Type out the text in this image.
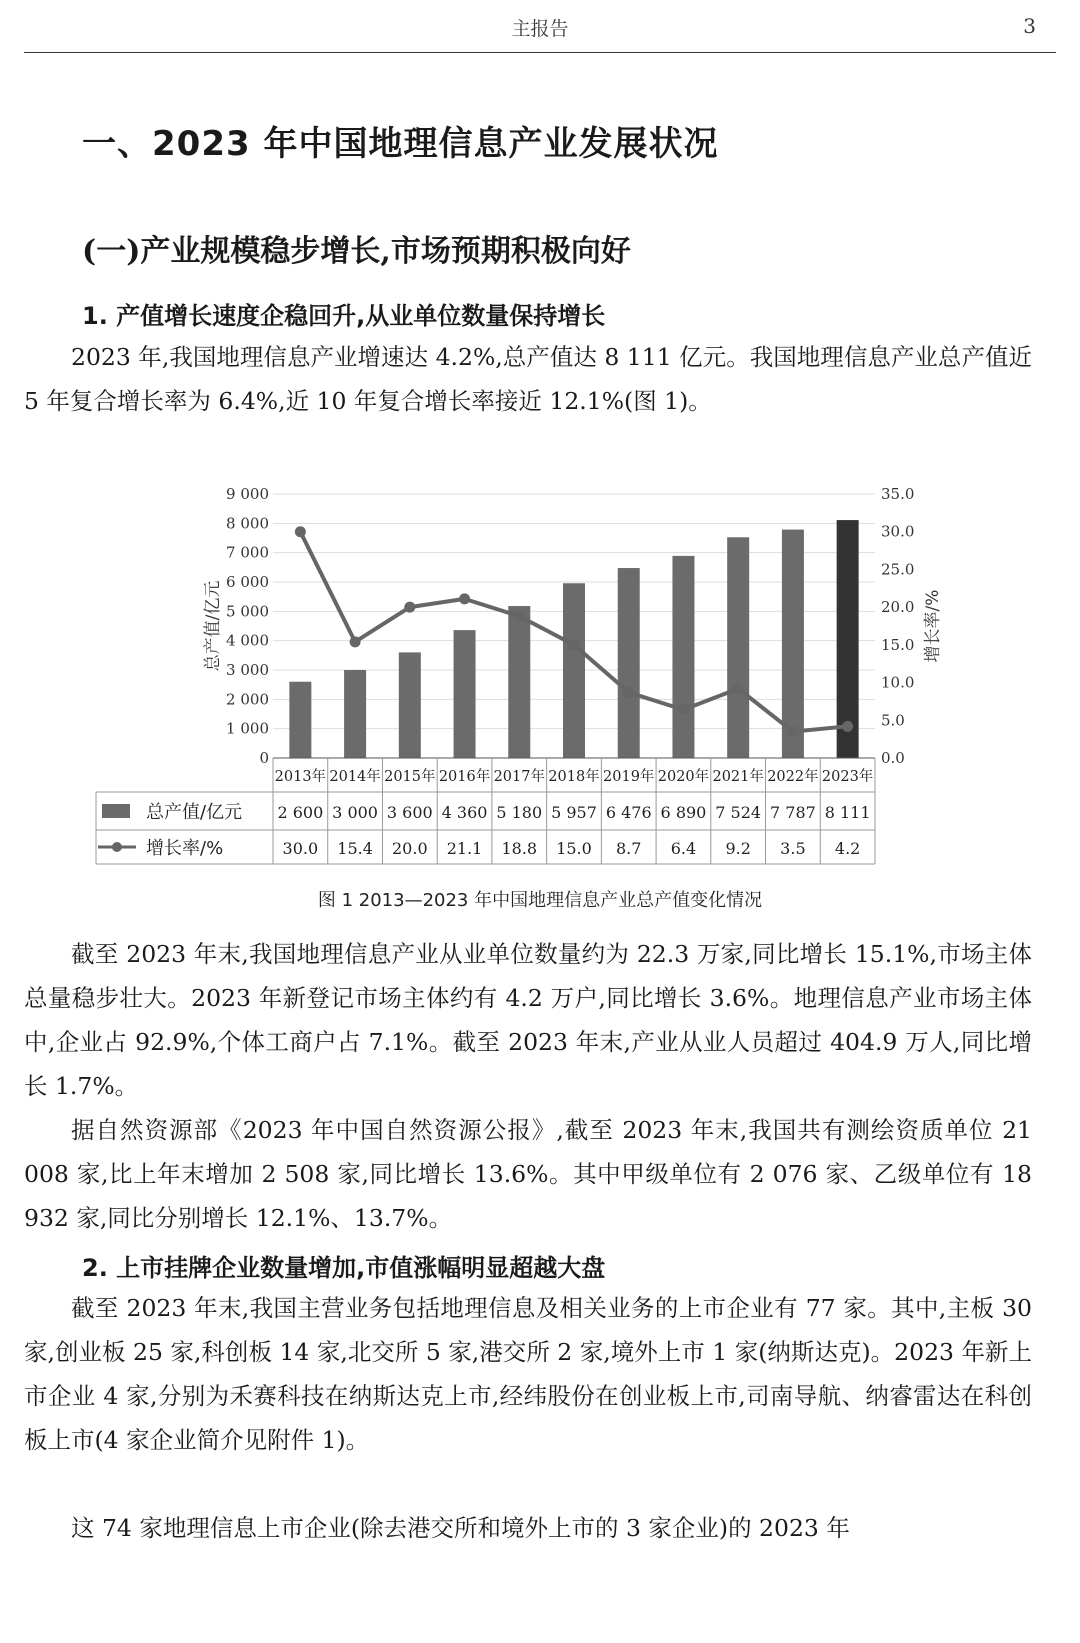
主报告	3
一、2023 年中国地理信息产业发展状况
(一)产业规模稳步增长,市场预期积极向好
1. 产值增长速度企稳回升,从业单位数量保持增长
2023 年,我国地理信息产业增速达 4.2%,总产值达 8 111 亿元。我国地理信息产业总产值近 5 年复合增长率为 6.4%,近 10 年复合增长率接近 12.1%(图 1)。
0
1 000
2 000
3 000
4 000
5 000
6 000
7 000
8 000
9 000
0.0
5.0
10.0
15.0
20.0
25.0
30.0
35.0
总产值/亿元	增长率/%
2013年 2014年 2015年 2016年 2017年 2018年 2019年 2020年 2021年 2022年 2023年
总产值/亿元
增长率/%
2 600 3 000 3 600 4 360 5 180 5 957 6 476 6 890 7 524 7 787 8 111
30.0 15.4 20.0 21.1 18.8 15.0 8.7 6.4 9.2 3.5 4.2
图 1 2013—2023 年中国地理信息产业总产值变化情况
截至 2023 年末,我国地理信息产业从业单位数量约为 22.3 万家,同比增长 15.1%,市场主体总量稳步壮大。2023 年新登记市场主体约有 4.2 万户,同比增长 3.6%。地理信息产业市场主体中,企业占 92.9%,个体工商户占 7.1%。截至 2023 年末,产业从业人员超过 404.9 万人,同比增长 1.7%。
据自然资源部《2023 年中国自然资源公报》,截至 2023 年末,我国共有测绘资质单位 21 008 家,比上年末增加 2 508 家,同比增长 13.6%。其中甲级单位有 2 076 家、乙级单位有 18 932 家,同比分别增长 12.1%、13.7%。
2. 上市挂牌企业数量增加,市值涨幅明显超越大盘
截至 2023 年末,我国主营业务包括地理信息及相关业务的上市企业有 77 家。其中,主板 30 家,创业板 25 家,科创板 14 家,北交所 5 家,港交所 2 家,境外上市 1 家(纳斯达克)。2023 年新上市企业 4 家,分别为禾赛科技在纳斯达克上市,经纬股份在创业板上市,司南导航、纳睿雷达在科创板上市(4 家企业简介见附件 1)。
这 74 家地理信息上市企业(除去港交所和境外上市的 3 家企业)的 2023 年
